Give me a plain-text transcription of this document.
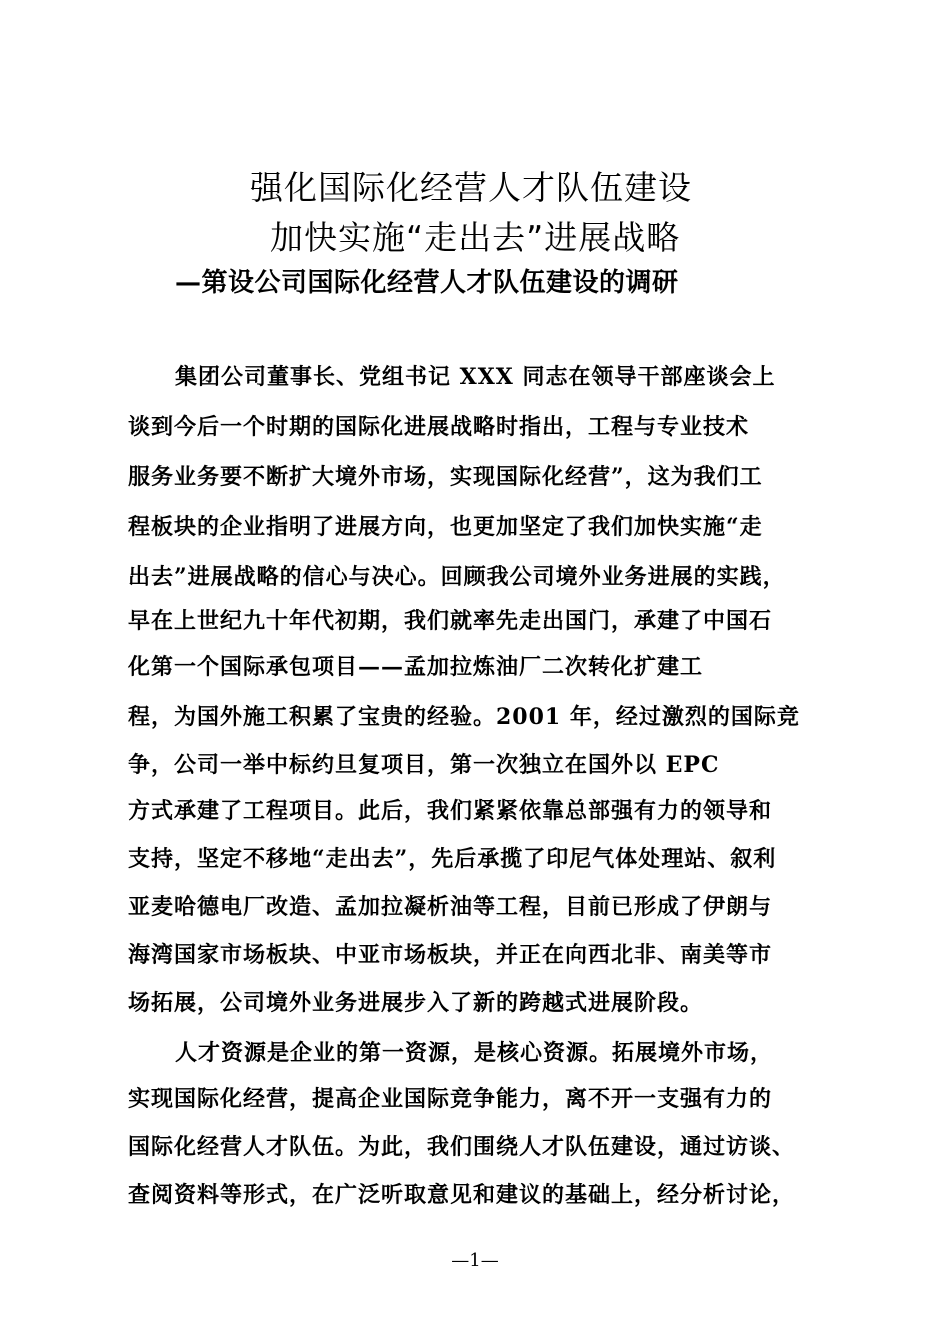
强化国际化经营人才队伍建设
加快实施“走出去”进展战略
—第设公司国际化经营人才队伍建设的调研
集团公司董事长、党组书记 XXX 同志在领导干部座谈会上
谈到今后一个时期的国际化进展战略时指出，工程与专业技术
服务业务要不断扩大境外市场，实现国际化经营”，这为我们工
程板块的企业指明了进展方向，也更加坚定了我们加快实施“走
出去”进展战略的信心与决心。回顾我公司境外业务进展的实践，
早在上世纪九十年代初期，我们就率先走出国门，承建了中国石
化第一个国际承包项目——孟加拉炼油厂二次转化扩建工
程，为国外施工积累了宝贵的经验。2001 年，经过激烈的国际竞
争，公司一举中标约旦复项目，第一次独立在国外以 EPC
方式承建了工程项目。此后，我们紧紧依靠总部强有力的领导和
支持，坚定不移地“走出去”，先后承揽了印尼气体处理站、叙利
亚麦哈德电厂改造、孟加拉凝析油等工程，目前已形成了伊朗与
海湾国家市场板块、中亚市场板块，并正在向西北非、南美等市
场拓展，公司境外业务进展步入了新的跨越式进展阶段。
人才资源是企业的第一资源，是核心资源。拓展境外市场，
实现国际化经营，提高企业国际竞争能力，离不开一支强有力的
国际化经营人才队伍。为此，我们围绕人才队伍建设，通过访谈、
查阅资料等形式，在广泛听取意见和建议的基础上，经分析讨论，
—1—
